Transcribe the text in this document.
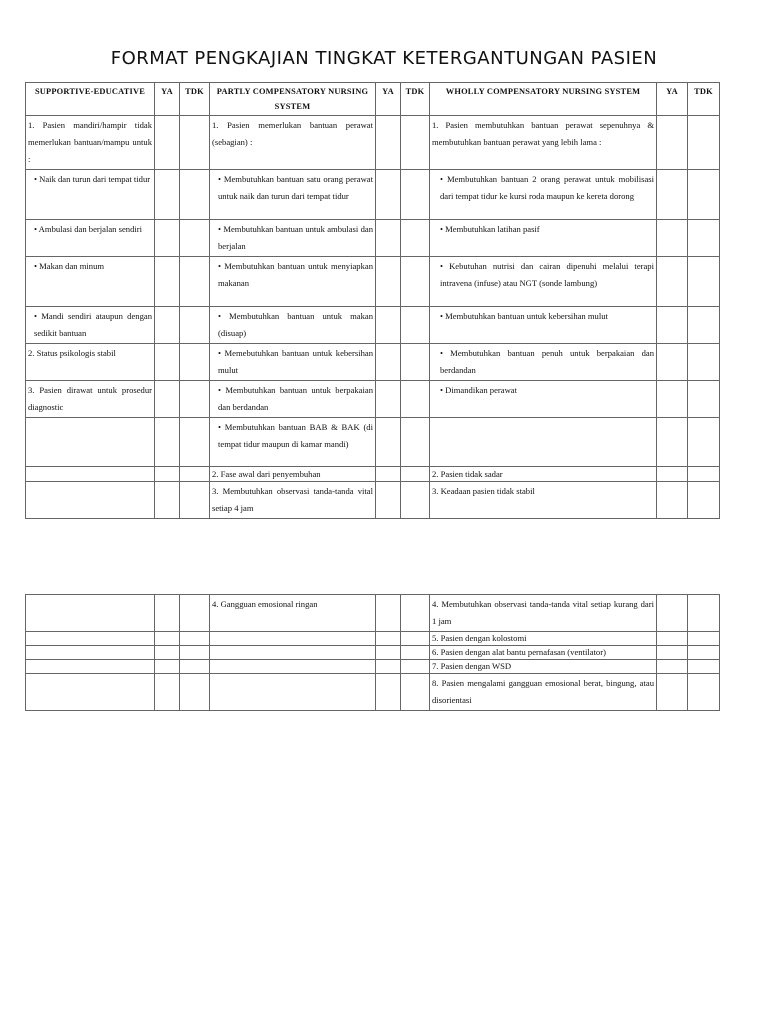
FORMAT PENGKAJIAN TINGKAT KETERGANTUNGAN PASIEN
SUPPORTIVE-EDUCATIVE	YA	TDK	PARTLY COMPENSATORY NURSING SYSTEM	YA	TDK	WHOLLY COMPENSATORY NURSING SYSTEM	YA	TDK
1. Pasien mandiri/hampir tidak memerlukan bantuan/mampu untuk :			1. Pasien memerlukan bantuan perawat (sebagian) :			1. Pasien membutuhkan bantuan perawat sepenuhnya & membutuhkan bantuan perawat yang lebih lama :		
• Naik dan turun dari tempat tidur			• Membutuhkan bantuan satu orang perawat untuk naik dan turun dari tempat tidur			• Membutuhkan bantuan 2 orang perawat untuk mobilisasi dari tempat tidur ke kursi roda maupun ke kereta dorong		
• Ambulasi dan berjalan sendiri			• Membutuhkan bantuan untuk ambulasi dan berjalan			• Membutuhkan latihan pasif		
• Makan dan minum			• Membutuhkan bantuan untuk menyiapkan makanan			• Kebutuhan nutrisi dan cairan dipenuhi melalui terapi intravena (infuse) atau NGT (sonde lambung)		
• Mandi sendiri ataupun dengan sedikit bantuan			• Membutuhkan bantuan untuk makan (disuap)			• Membutuhkan bantuan untuk kebersihan mulut		
2. Status psikologis stabil			• Memebutuhkan bantuan untuk kebersihan mulut			• Membutuhkan bantuan penuh untuk berpakaian dan berdandan		
3. Pasien dirawat untuk prosedur diagnostic			• Membutuhkan bantuan untuk berpakaian dan berdandan			• Dimandikan perawat		
			• Membutuhkan bantuan BAB & BAK (di tempat tidur maupun di kamar mandi)					
			2. Fase awal dari penyembuhan			2. Pasien tidak sadar		
			3. Membutuhkan observasi tanda-tanda vital setiap 4 jam			3. Keadaan pasien tidak stabil		
			4. Gangguan emosional ringan			4. Membutuhkan observasi tanda-tanda vital setiap kurang dari 1 jam		
						5. Pasien dengan kolostomi		
						6. Pasien dengan alat bantu pernafasan (ventilator)		
						7. Pasien dengan WSD		
						8. Pasien mengalami gangguan emosional berat, bingung, atau disorientasi		
